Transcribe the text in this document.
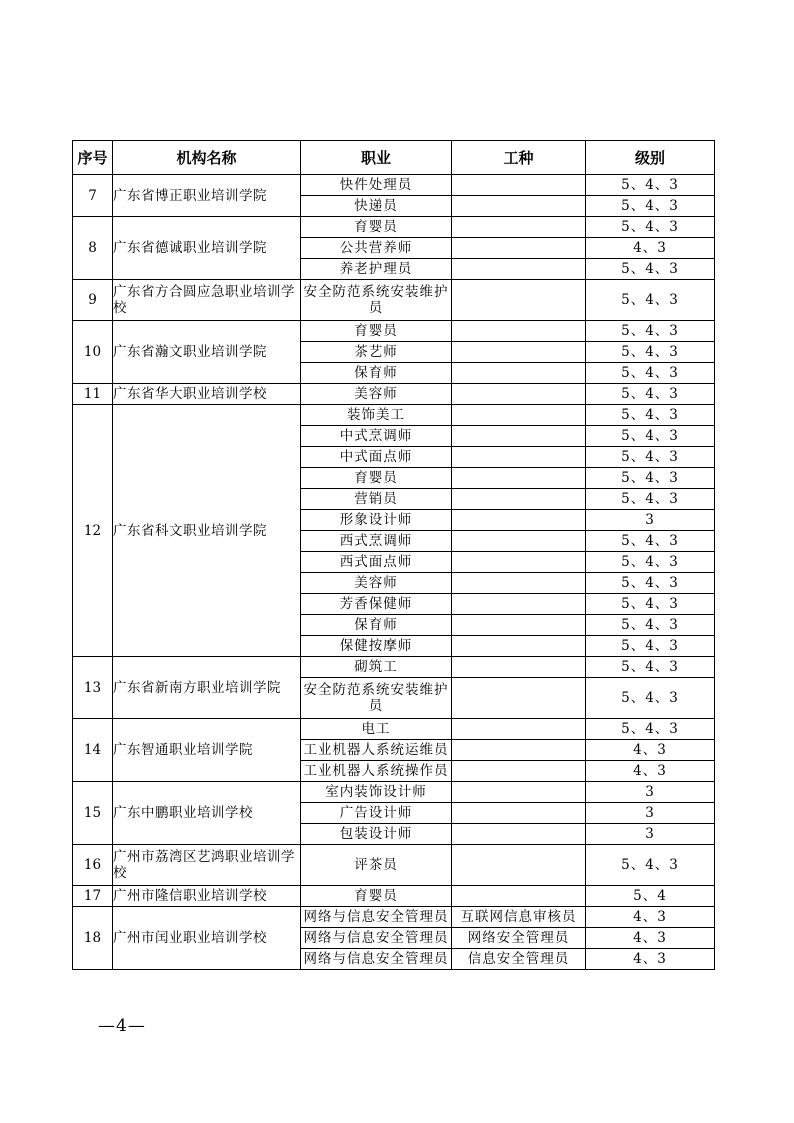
序号	机构名称	职业	工种	级别
7	广东省博正职业培训学院	快件处理员		5、4、3
		快递员		5、4、3
8	广东省德诚职业培训学院	育婴员		5、4、3
		公共营养师		4、3
		养老护理员		5、4、3
9	广东省方合圆应急职业培训学校	安全防范系统安装维护员		5、4、3
10	广东省瀚文职业培训学院	育婴员		5、4、3
		茶艺师		5、4、3
		保育师		5、4、3
11	广东省华大职业培训学校	美容师		5、4、3
12	广东省科文职业培训学院	装饰美工		5、4、3
		中式烹调师		5、4、3
		中式面点师		5、4、3
		育婴员		5、4、3
		营销员		5、4、3
		形象设计师		3
		西式烹调师		5、4、3
		西式面点师		5、4、3
		美容师		5、4、3
		芳香保健师		5、4、3
		保育师		5、4、3
		保健按摩师		5、4、3
13	广东省新南方职业培训学院	砌筑工		5、4、3
		安全防范系统安装维护员		5、4、3
14	广东智通职业培训学院	电工		5、4、3
		工业机器人系统运维员		4、3
		工业机器人系统操作员		4、3
15	广东中鹏职业培训学校	室内装饰设计师		3
		广告设计师		3
		包装设计师		3
16	广州市荔湾区艺鸿职业培训学校	评茶员		5、4、3
17	广州市隆信职业培训学校	育婴员		5、4
18	广州市闰业职业培训学校	网络与信息安全管理员	互联网信息审核员	4、3
		网络与信息安全管理员	网络安全管理员	4、3
		网络与信息安全管理员	信息安全管理员	4、3
—4—
